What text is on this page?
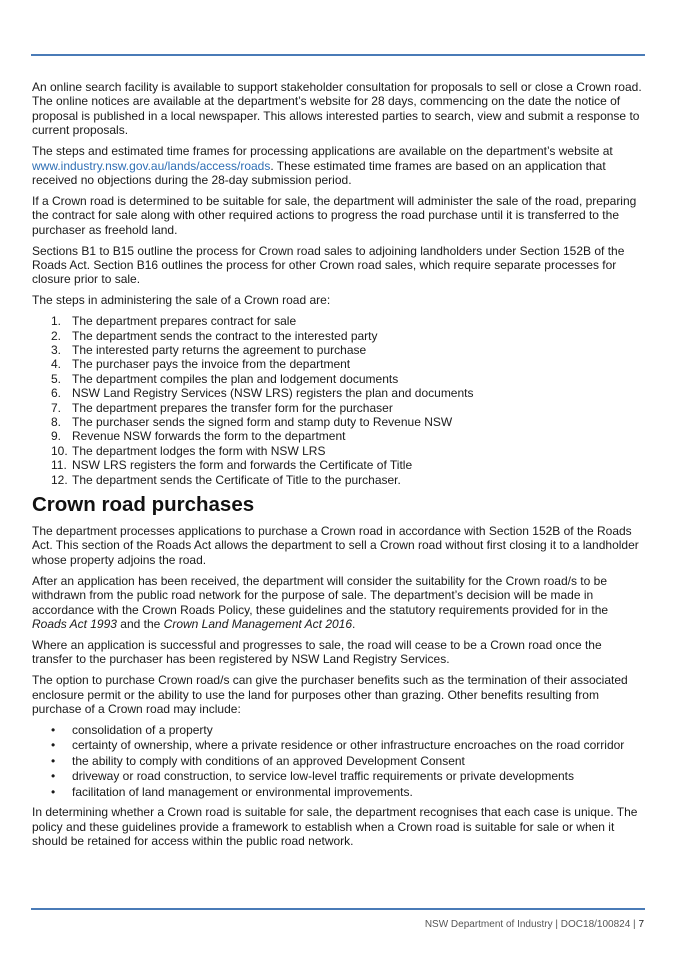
An online search facility is available to support stakeholder consultation for proposals to sell or close a Crown road. The online notices are available at the department’s website for 28 days, commencing on the date the notice of proposal is published in a local newspaper. This allows interested parties to search, view and submit a response to current proposals.

The steps and estimated time frames for processing applications are available on the department’s website at www.industry.nsw.gov.au/lands/access/roads. These estimated time frames are based on an application that received no objections during the 28-day submission period.

If a Crown road is determined to be suitable for sale, the department will administer the sale of the road, preparing the contract for sale along with other required actions to progress the road purchase until it is transferred to the purchaser as freehold land.

Sections B1 to B15 outline the process for Crown road sales to adjoining landholders under Section 152B of the Roads Act. Section B16 outlines the process for other Crown road sales, which require separate processes for closure prior to sale.

The steps in administering the sale of a Crown road are:

1. The department prepares contract for sale
2. The department sends the contract to the interested party
3. The interested party returns the agreement to purchase
4. The purchaser pays the invoice from the department
5. The department compiles the plan and lodgement documents
6. NSW Land Registry Services (NSW LRS) registers the plan and documents
7. The department prepares the transfer form for the purchaser
8. The purchaser sends the signed form and stamp duty to Revenue NSW
9. Revenue NSW forwards the form to the department
10. The department lodges the form with NSW LRS
11. NSW LRS registers the form and forwards the Certificate of Title
12. The department sends the Certificate of Title to the purchaser.
Crown road purchases

The department processes applications to purchase a Crown road in accordance with Section 152B of the Roads Act. This section of the Roads Act allows the department to sell a Crown road without first closing it to a landholder whose property adjoins the road.

After an application has been received, the department will consider the suitability for the Crown road/s to be withdrawn from the public road network for the purpose of sale. The department’s decision will be made in accordance with the Crown Roads Policy, these guidelines and the statutory requirements provided for in the Roads Act 1993 and the Crown Land Management Act 2016.

Where an application is successful and progresses to sale, the road will cease to be a Crown road once the transfer to the purchaser has been registered by NSW Land Registry Services.

The option to purchase Crown road/s can give the purchaser benefits such as the termination of their associated enclosure permit or the ability to use the land for purposes other than grazing. Other benefits resulting from purchase of a Crown road may include:

• consolidation of a property
• certainty of ownership, where a private residence or other infrastructure encroaches on the road corridor
• the ability to comply with conditions of an approved Development Consent
• driveway or road construction, to service low-level traffic requirements or private developments
• facilitation of land management or environmental improvements.

In determining whether a Crown road is suitable for sale, the department recognises that each case is unique. The policy and these guidelines provide a framework to establish when a Crown road is suitable for sale or when it should be retained for access within the public road network.

NSW Department of Industry | DOC18/100824 | 7
